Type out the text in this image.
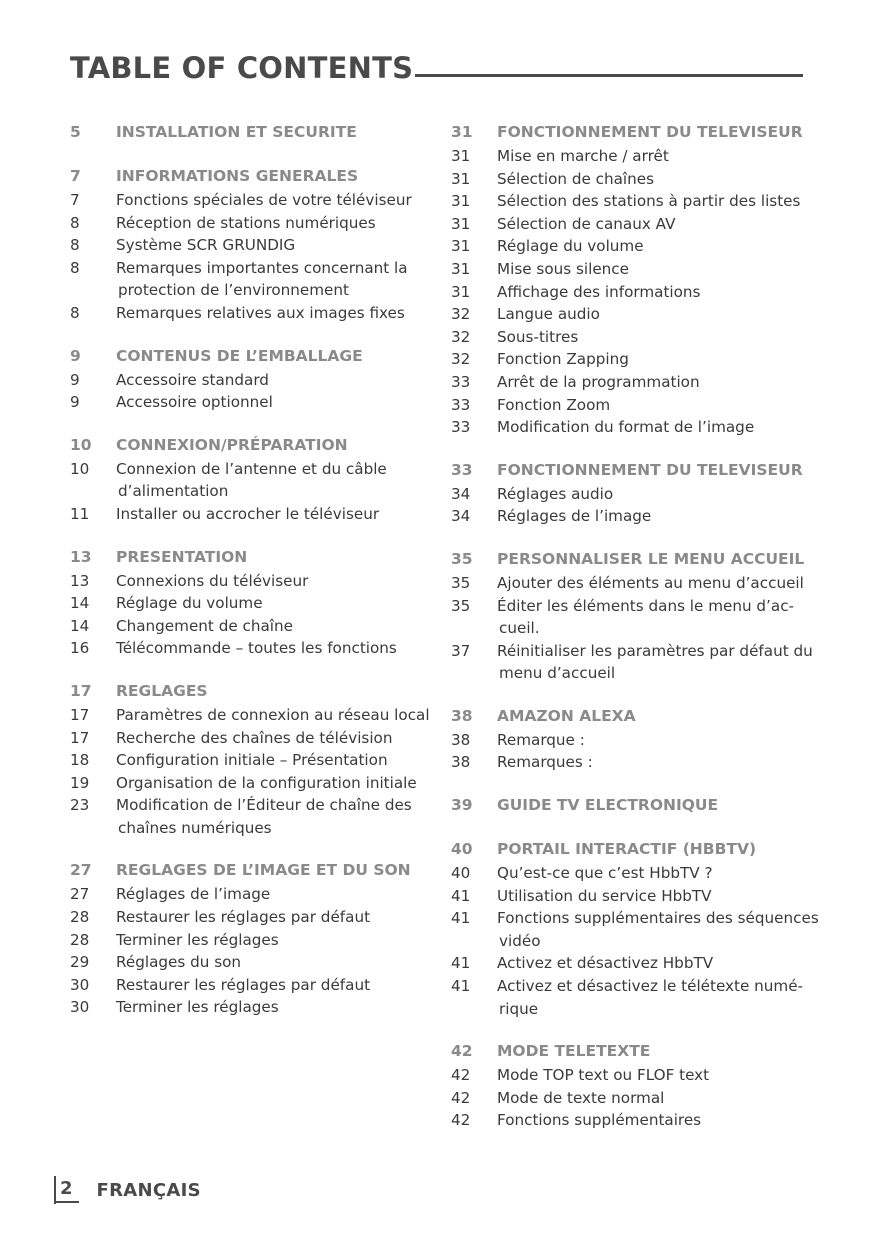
TABLE OF CONTENTS
5	INSTALLATION ET SECURITE
7	INFORMATIONS GENERALES
7	Fonctions spéciales de votre téléviseur
8	Réception de stations numériques
8	Système SCR GRUNDIG
8	Remarques importantes concernant la
protection de l’environnement
8	Remarques relatives aux images fixes
9	CONTENUS DE L’EMBALLAGE
9	Accessoire standard
9	Accessoire optionnel
10	CONNEXION/PRÉPARATION
10	Connexion de l’antenne et du câble
d’alimentation
11	Installer ou accrocher le téléviseur
13	PRESENTATION
13	Connexions du téléviseur
14	Réglage du volume
14	Changement de chaîne
16	Télécommande – toutes les fonctions
17	REGLAGES
17	Paramètres de connexion au réseau local
17	Recherche des chaînes de télévision
18	Configuration initiale – Présentation
19	Organisation de la configuration initiale
23	Modification de l’Éditeur de chaîne des
chaînes numériques
27	REGLAGES DE L’IMAGE ET DU SON
27	Réglages de l’image
28	Restaurer les réglages par défaut
28	Terminer les réglages
29	Réglages du son
30	Restaurer les réglages par défaut
30	Terminer les réglages
31	FONCTIONNEMENT DU TELEVISEUR
31	Mise en marche / arrêt
31	Sélection de chaînes
31	Sélection des stations à partir des listes
31	Sélection de canaux AV
31	Réglage du volume
31	Mise sous silence
31	Affichage des informations
32	Langue audio
32	Sous-titres
32	Fonction Zapping
33	Arrêt de la programmation
33	Fonction Zoom
33	Modification du format de l’image
33	FONCTIONNEMENT DU TELEVISEUR
34	Réglages audio
34	Réglages de l’image
35	PERSONNALISER LE MENU ACCUEIL
35	Ajouter des éléments au menu d’accueil
35	Éditer les éléments dans le menu d’ac-
cueil.
37	Réinitialiser les paramètres par défaut du
menu d’accueil
38	AMAZON ALEXA
38	Remarque :
38	Remarques :
39	GUIDE TV ELECTRONIQUE
40	PORTAIL INTERACTIF (HBBTV)
40	Qu’est-ce que c’est HbbTV ?
41	Utilisation du service HbbTV
41	Fonctions supplémentaires des séquences
vidéo
41	Activez et désactivez HbbTV
41	Activez et désactivez le télétexte numé-
rique
42	MODE TELETEXTE
42	Mode TOP text ou FLOF text
42	Mode de texte normal
42	Fonctions supplémentaires
2	FRANÇAIS
